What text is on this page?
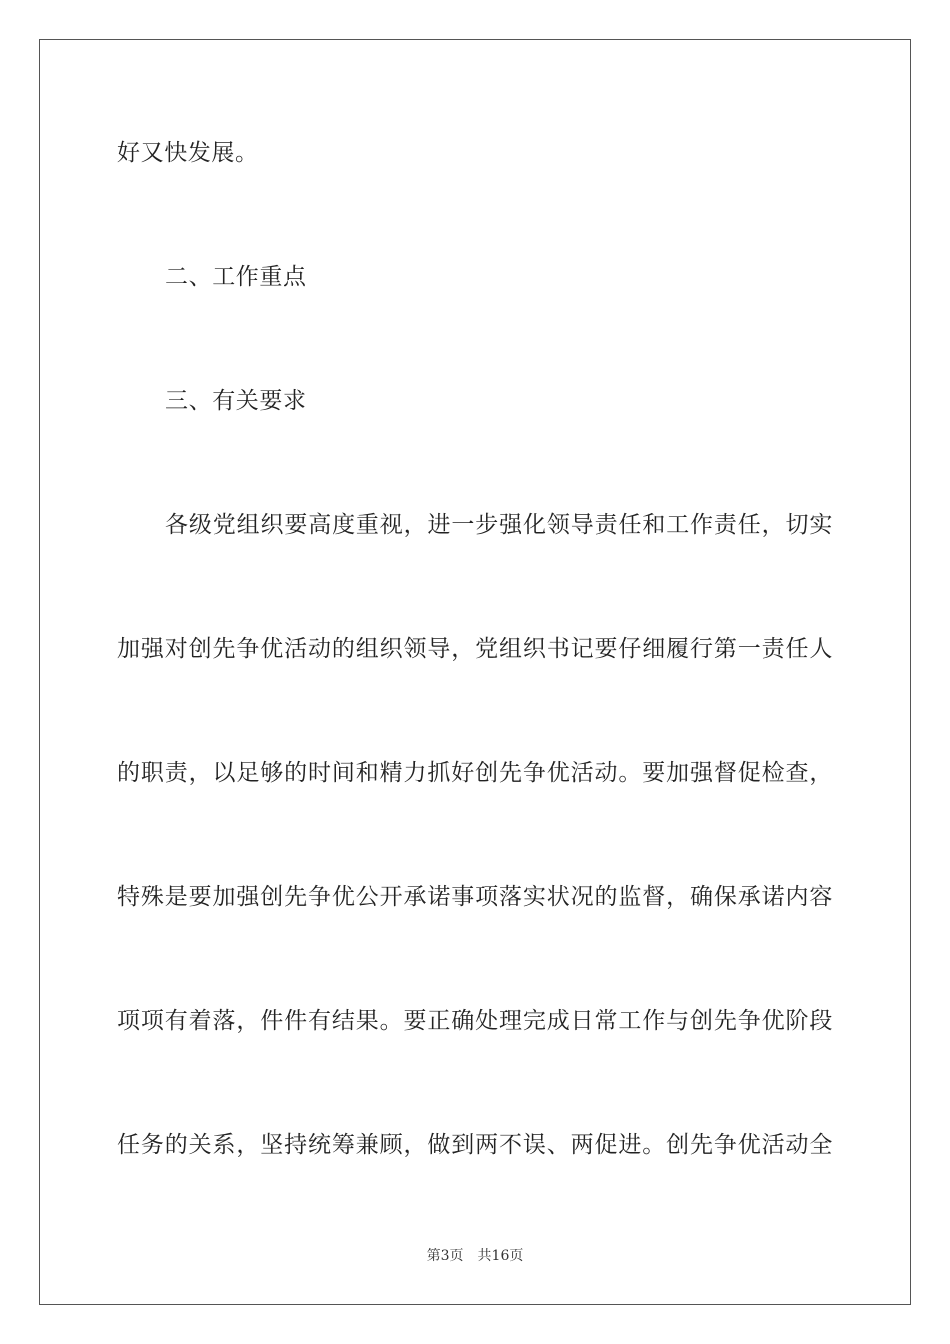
好又快发展。
二、工作重点
三、有关要求
各级党组织要高度重视，进一步强化领导责任和工作责任，切实
加强对创先争优活动的组织领导，党组织书记要仔细履行第一责任人
的职责，以足够的时间和精力抓好创先争优活动。要加强督促检查，
特殊是要加强创先争优公开承诺事项落实状况的监督，确保承诺内容
项项有着落，件件有结果。要正确处理完成日常工作与创先争优阶段
任务的关系，坚持统筹兼顾，做到两不误、两促进。创先争优活动全
第3页 共16页
